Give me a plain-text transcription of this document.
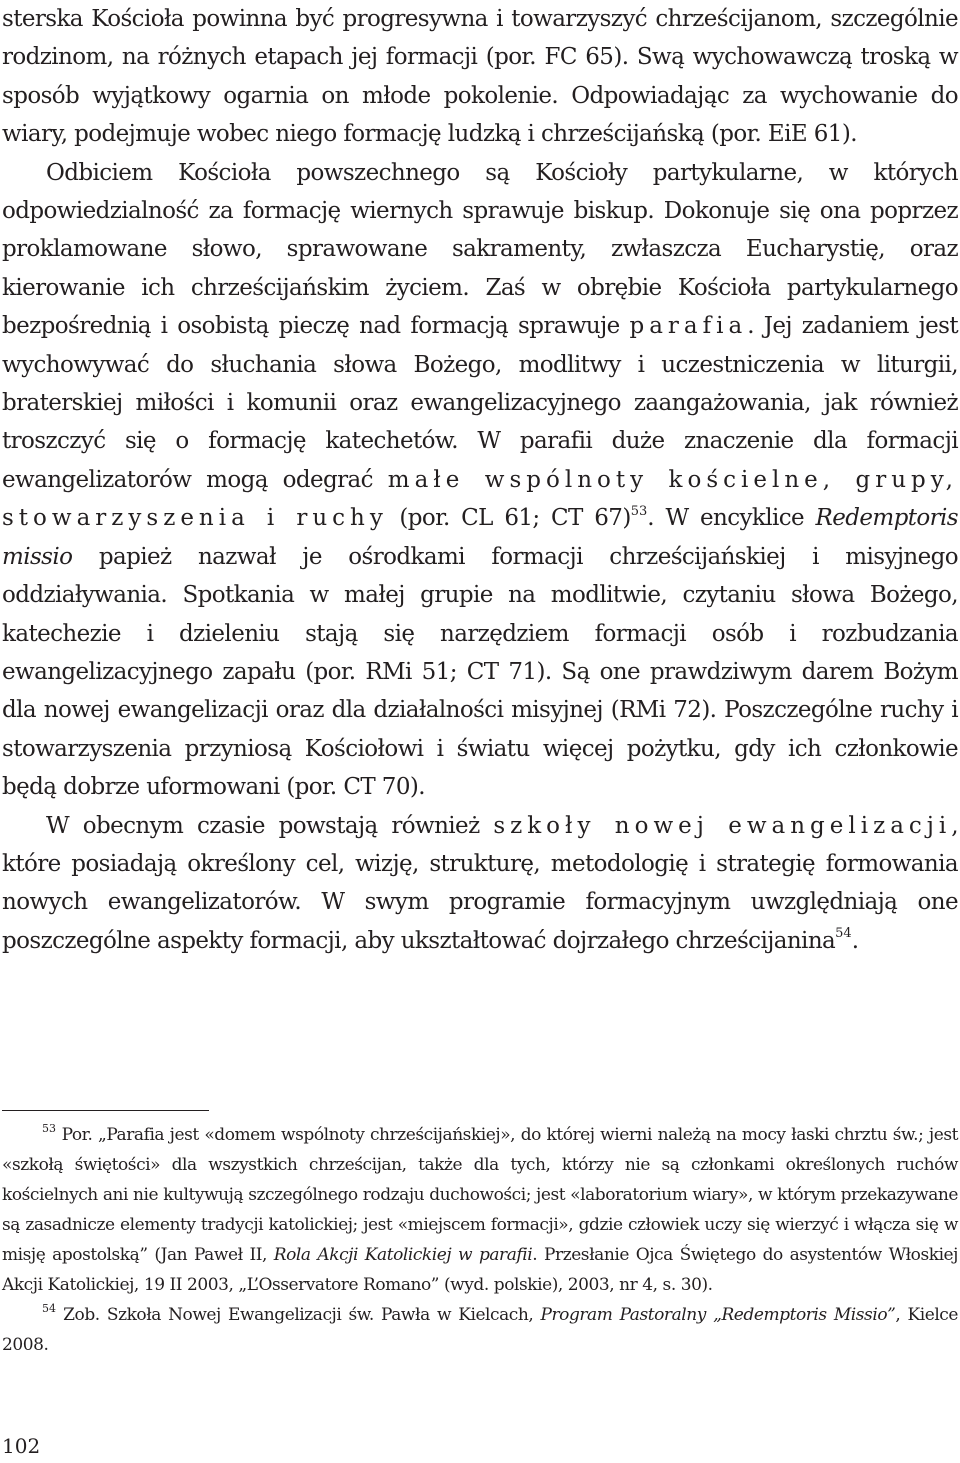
sterska Kościoła powinna być progresywna i towarzyszyć chrześcijanom, szczególnie rodzinom, na różnych etapach jej formacji (por. FC 65). Swą wychowawczą troską w sposób wyjątkowy ogarnia on młode pokolenie. Odpowiadając za wychowanie do wiary, podejmuje wobec niego formację ludzką i chrześcijańską (por. EiE 61).

Odbiciem Kościoła powszechnego są Kościoły partykularne, w których odpowiedzialność za formację wiernych sprawuje biskup. Dokonuje się ona poprzez proklamowane słowo, sprawowane sakramenty, zwłaszcza Eucharystię, oraz kierowanie ich chrześcijańskim życiem. Zaś w obrębie Kościoła partykularnego bezpośrednią i osobistą pieczę nad formacją sprawuje parafia. Jej zadaniem jest wychowywać do słuchania słowa Bożego, modlitwy i uczestniczenia w liturgii, braterskiej miłości i komunii oraz ewangelizacyjnego zaangażowania, jak również troszczyć się o formację katechetów. W parafii duże znaczenie dla formacji ewangelizatorów mogą odegrać małe wspólnoty kościelne, grupy, stowarzyszenia i ruchy (por. CL 61; CT 67)$^{53}$. W encyklice Redemptoris missio papież nazwał je ośrodkami formacji chrześcijańskiej i misyjnego oddziaływania. Spotkania w małej grupie na modlitwie, czytaniu słowa Bożego, katechezie i dzieleniu stają się narzędziem formacji osób i rozbudzania ewangelizacyjnego zapału (por. RMi 51; CT 71). Są one prawdziwym darem Bożym dla nowej ewangelizacji oraz dla działalności misyjnej (RMi 72). Poszczególne ruchy i stowarzyszenia przyniosą Kościołowi i światu więcej pożytku, gdy ich członkowie będą dobrze uformowani (por. CT 70).

W obecnym czasie powstają również szkoły nowej ewangelizacji, które posiadają określony cel, wizję, strukturę, metodologię i strategię formowania nowych ewangelizatorów. W swym programie formacyjnym uwzględniają one poszczególne aspekty formacji, aby ukształtować dojrzałego chrześcijanina$^{54}$.

$^{53}$ Por. „Parafia jest «domem wspólnoty chrześcijańskiej», do której wierni należą na mocy łaski chrztu św.; jest «szkołą świętości» dla wszystkich chrześcijan, także dla tych, którzy nie są członkami określonych ruchów kościelnych ani nie kultywują szczególnego rodzaju duchowości; jest «laboratorium wiary», w którym przekazywane są zasadnicze elementy tradycji katolickiej; jest «miejscem formacji», gdzie człowiek uczy się wierzyć i włącza się w misję apostolską” (Jan Paweł II, Rola Akcji Katolickiej w parafii. Przesłanie Ojca Świętego do asystentów Włoskiej Akcji Katolickiej, 19 II 2003, „L’Osservatore Romano” (wyd. polskie), 2003, nr 4, s. 30).

$^{54}$ Zob. Szkoła Nowej Ewangelizacji św. Pawła w Kielcach, Program Pastoralny „Redemptoris Missio”, Kielce 2008.

102
